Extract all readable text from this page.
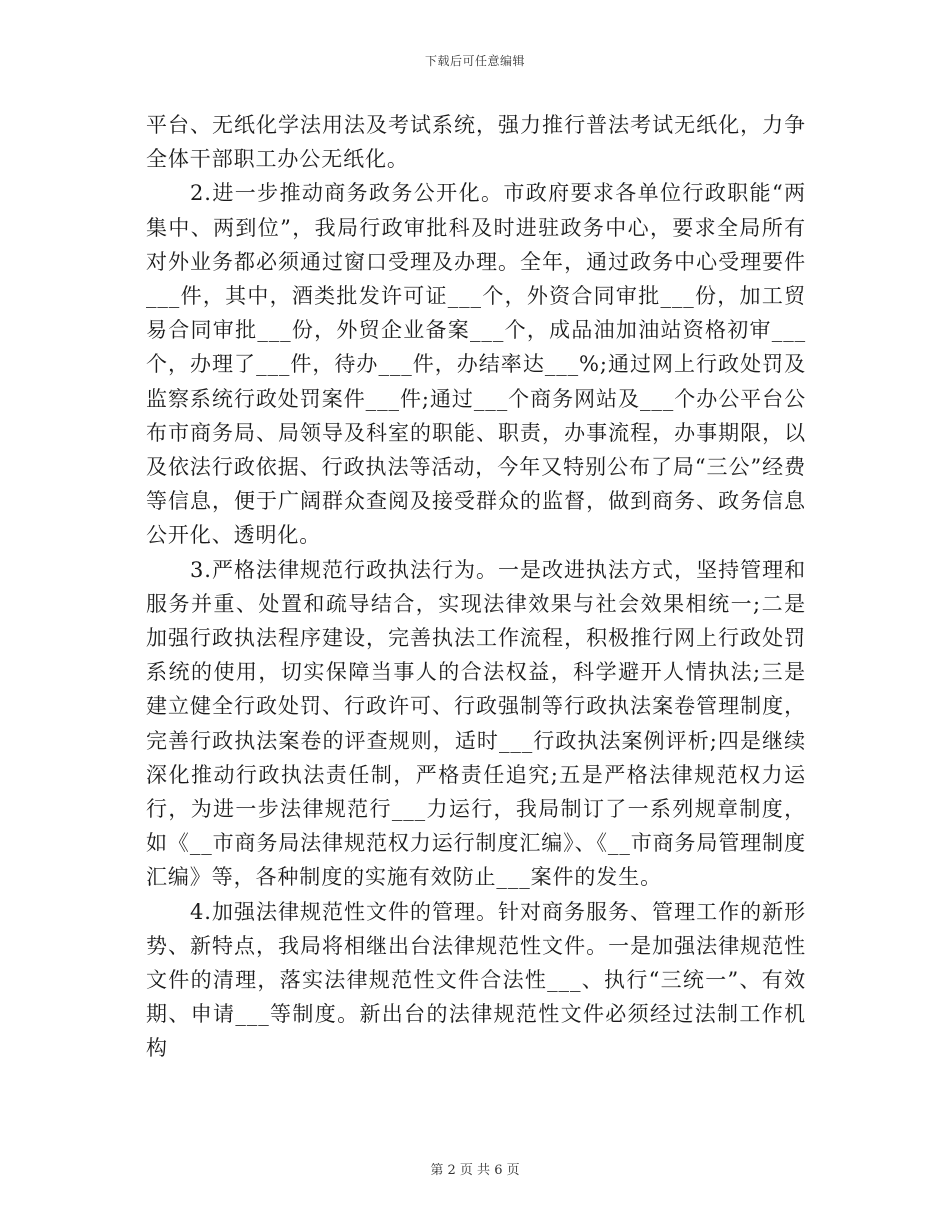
下载后可任意编辑

平台、无纸化学法用法及考试系统，强力推行普法考试无纸化，力争全体干部职工办公无纸化。

2.进一步推动商务政务公开化。市政府要求各单位行政职能“两集中、两到位”，我局行政审批科及时进驻政务中心，要求全局所有对外业务都必须通过窗口受理及办理。全年，通过政务中心受理要件___件，其中，酒类批发许可证___个，外资合同审批___份，加工贸易合同审批___份，外贸企业备案___个，成品油加油站资格初审___个，办理了___件，待办___件，办结率达___%;通过网上行政处罚及监察系统行政处罚案件___件;通过___个商务网站及___个办公平台公布市商务局、局领导及科室的职能、职责，办事流程，办事期限，以及依法行政依据、行政执法等活动，今年又特别公布了局“三公”经费等信息，便于广阔群众查阅及接受群众的监督，做到商务、政务信息公开化、透明化。

3.严格法律规范行政执法行为。一是改进执法方式，坚持管理和服务并重、处置和疏导结合，实现法律效果与社会效果相统一;二是加强行政执法程序建设，完善执法工作流程，积极推行网上行政处罚系统的使用，切实保障当事人的合法权益，科学避开人情执法;三是建立健全行政处罚、行政许可、行政强制等行政执法案卷管理制度，完善行政执法案卷的评查规则，适时___行政执法案例评析;四是继续深化推动行政执法责任制，严格责任追究;五是严格法律规范权力运行，为进一步法律规范行___力运行，我局制订了一系列规章制度，如《__市商务局法律规范权力运行制度汇编》、《__市商务局管理制度汇编》等，各种制度的实施有效防止___案件的发生。

4.加强法律规范性文件的管理。针对商务服务、管理工作的新形势、新特点，我局将相继出台法律规范性文件。一是加强法律规范性文件的清理，落实法律规范性文件合法性___、执行“三统一”、有效期、申请___等制度。新出台的法律规范性文件必须经过法制工作机构

第 2 页 共 6 页
